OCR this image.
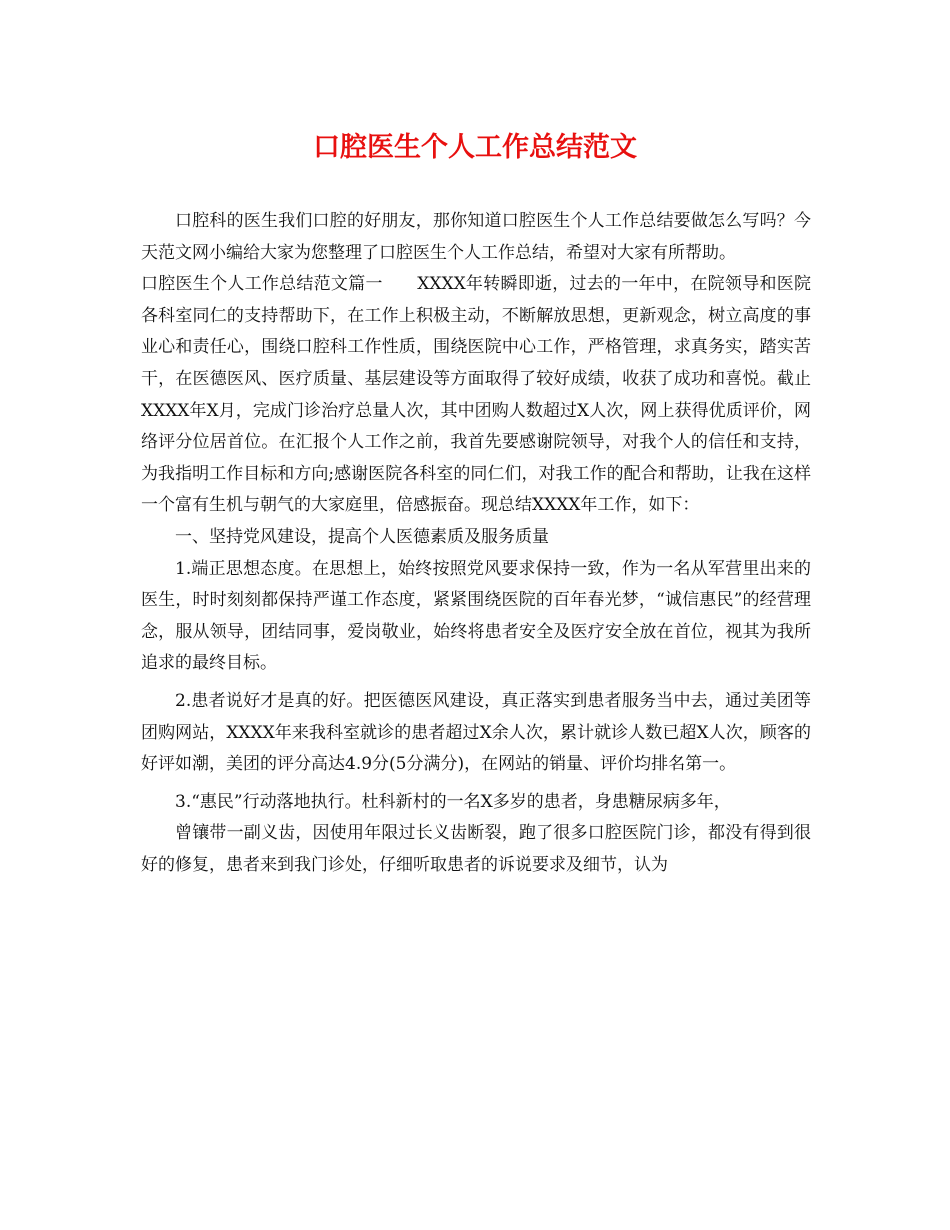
口腔医生个人工作总结范文

口腔科的医生我们口腔的好朋友，那你知道口腔医生个人工作总结要做怎么写吗？今天范文网小编给大家为您整理了口腔医生个人工作总结，希望对大家有所帮助。

口腔医生个人工作总结范文篇一　　XXXX年转瞬即逝，过去的一年中，在院领导和医院各科室同仁的支持帮助下，在工作上积极主动，不断解放思想，更新观念，树立高度的事业心和责任心，围绕口腔科工作性质，围绕医院中心工作，严格管理，求真务实，踏实苦干，在医德医风、医疗质量、基层建设等方面取得了较好成绩，收获了成功和喜悦。截止XXXX年X月，完成门诊治疗总量人次，其中团购人数超过X人次，网上获得优质评价，网络评分位居首位。在汇报个人工作之前，我首先要感谢院领导，对我个人的信任和支持，为我指明工作目标和方向;感谢医院各科室的同仁们，对我工作的配合和帮助，让我在这样一个富有生机与朝气的大家庭里，倍感振奋。现总结XXXX年工作，如下：

一、坚持党风建设，提高个人医德素质及服务质量

1.端正思想态度。在思想上，始终按照党风要求保持一致，作为一名从军营里出来的医生，时时刻刻都保持严谨工作态度，紧紧围绕医院的百年春光梦，“诚信惠民”的经营理念，服从领导，团结同事，爱岗敬业，始终将患者安全及医疗安全放在首位，视其为我所追求的最终目标。

2.患者说好才是真的好。把医德医风建设，真正落实到患者服务当中去，通过美团等团购网站，XXXX年来我科室就诊的患者超过X余人次，累计就诊人数已超X人次，顾客的好评如潮，美团的评分高达4.9分(5分满分)，在网站的销量、评价均排名第一。

3.“惠民”行动落地执行。杜科新村的一名X多岁的患者，身患糖尿病多年，

曾镶带一副义齿，因使用年限过长义齿断裂，跑了很多口腔医院门诊，都没有得到很好的修复，患者来到我门诊处，仔细听取患者的诉说要求及细节，认为
